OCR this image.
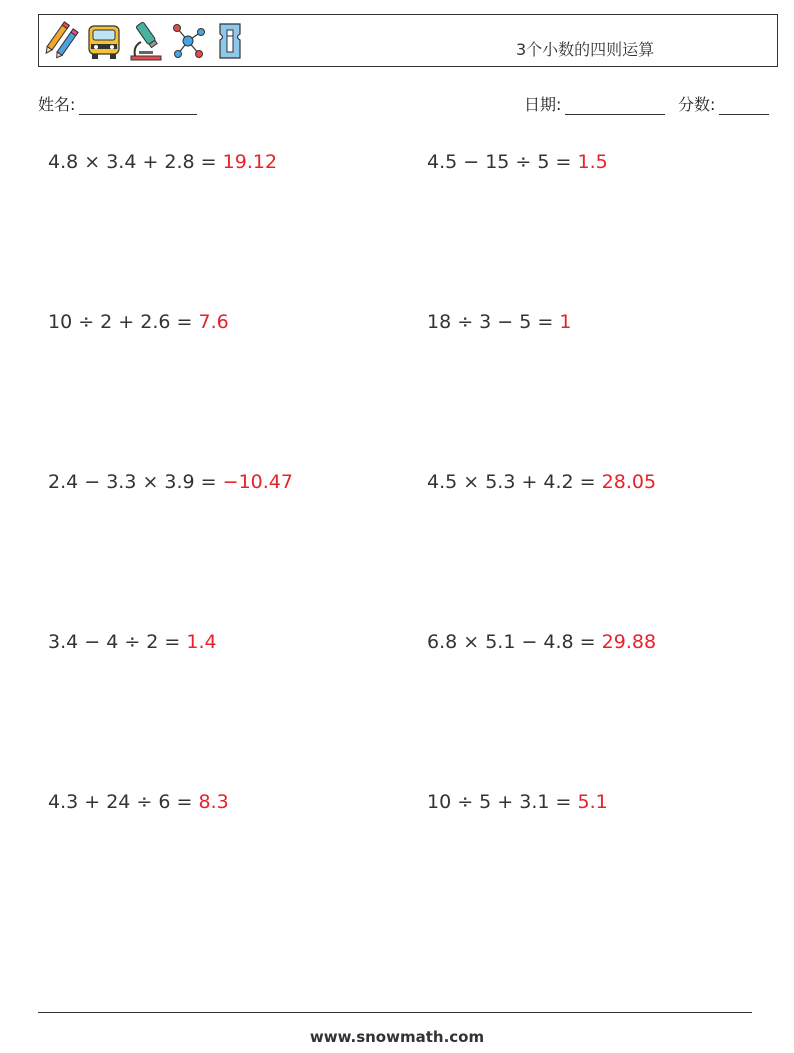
3个小数的四则运算
姓名:	日期:	分数:
4.8 × 3.4 + 2.8 = 19.12	4.5 − 15 ÷ 5 = 1.5
10 ÷ 2 + 2.6 = 7.6	18 ÷ 3 − 5 = 1
2.4 − 3.3 × 3.9 = −10.47	4.5 × 5.3 + 4.2 = 28.05
3.4 − 4 ÷ 2 = 1.4	6.8 × 5.1 − 4.8 = 29.88
4.3 + 24 ÷ 6 = 8.3	10 ÷ 5 + 3.1 = 5.1
www.snowmath.com
